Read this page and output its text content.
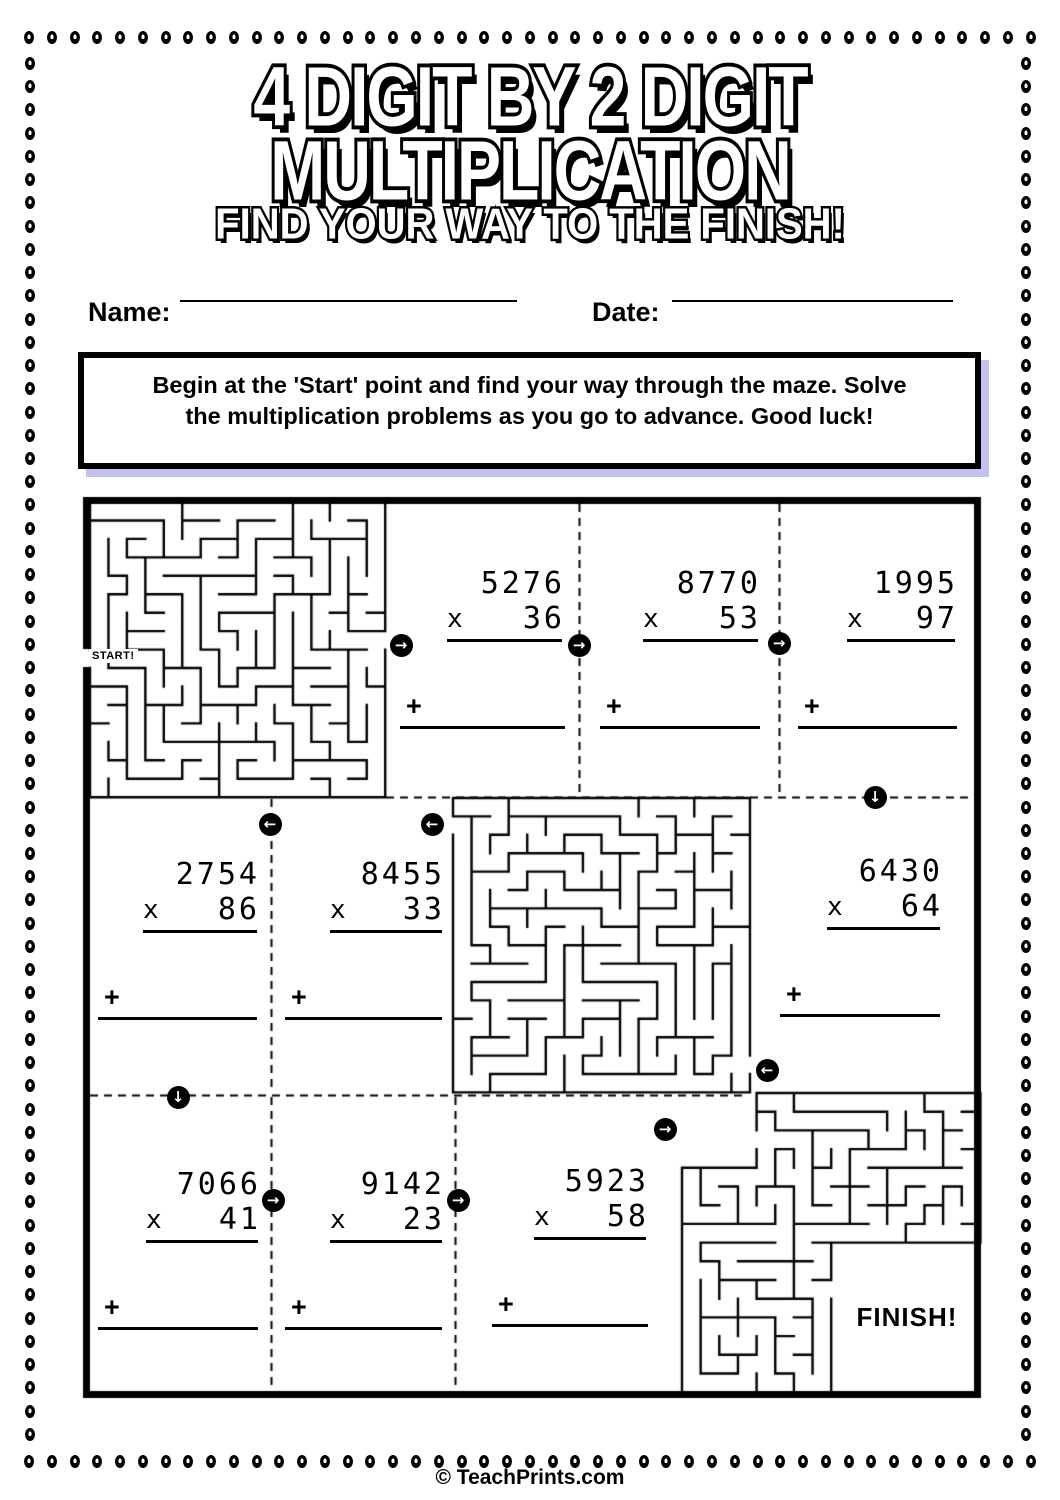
4 DIGIT BY 2 DIGIT
MULTIPLICATION
FIND YOUR WAY TO THE FINISH!
Name:	Date:
Begin at the 'Start' point and find your way through the maze. Solve
the multiplication problems as you go to advance. Good luck!
START!
FINISH!
© TeachPrints.com
5276
x 36
+
8770
x 53
+
1995
x 97
+
2754
x 86
+
8455
x 33
+
6430
x 64
+
7066
x 41
+
9142
x 23
+
5923
x 58
+
→	→	→
↓
←
←
←
↓
→	→
→
